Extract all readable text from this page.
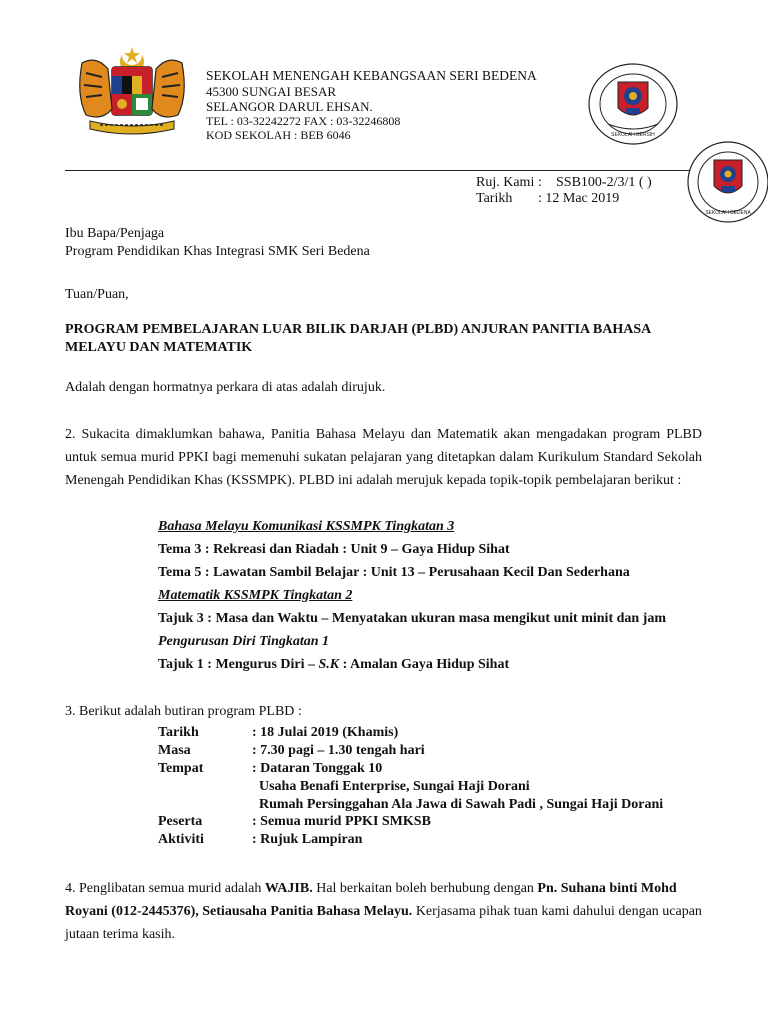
SEKOLAH MENENGAH KEBANGSAAN SERI BEDENA
45300 SUNGAI BESAR
SELANGOR DARUL EHSAN.
TEL : 03-32242272 FAX : 03-32246808
KOD SEKOLAH : BEB 6046	SEKOLAH BERSIH
SEKOLAH BEDENA
Ruj. Kami : SSB100-2/3/1 ( )
Tarikh : 12 Mac 2019
Ibu Bapa/Penjaga
Program Pendidikan Khas Integrasi SMK Seri Bedena
Tuan/Puan,
PROGRAM PEMBELAJARAN LUAR BILIK DARJAH (PLBD) ANJURAN PANITIA BAHASA
MELAYU DAN MATEMATIK
Adalah dengan hormatnya perkara di atas adalah dirujuk.
2. Sukacita dimaklumkan bahawa, Panitia Bahasa Melayu dan Matematik akan mengadakan program PLBD untuk semua murid PPKI bagi memenuhi sukatan pelajaran yang ditetapkan dalam Kurikulum Standard Sekolah Menengah Pendidikan Khas (KSSMPK). PLBD ini adalah merujuk kepada topik-topik pembelajaran berikut :
Bahasa Melayu Komunikasi KSSMPK Tingkatan 3
Tema 3 : Rekreasi dan Riadah : Unit 9 – Gaya Hidup Sihat
Tema 5 : Lawatan Sambil Belajar : Unit 13 – Perusahaan Kecil Dan Sederhana
Matematik KSSMPK Tingkatan 2
Tajuk 3 : Masa dan Waktu – Menyatakan ukuran masa mengikut unit minit dan jam
Pengurusan Diri Tingkatan 1
Tajuk 1 : Mengurus Diri – S.K : Amalan Gaya Hidup Sihat
3. Berikut adalah butiran program PLBD :
Tarikh	: 18 Julai 2019 (Khamis)
Masa	: 7.30 pagi – 1.30 tengah hari
Tempat	: Dataran Tonggak 10
Usaha Benafi Enterprise, Sungai Haji Dorani
Rumah Persinggahan Ala Jawa di Sawah Padi , Sungai Haji Dorani
Peserta	: Semua murid PPKI SMKSB
Aktiviti	: Rujuk Lampiran
4. Penglibatan semua murid adalah WAJIB. Hal berkaitan boleh berhubung dengan Pn. Suhana binti Mohd Royani (012-2445376), Setiausaha Panitia Bahasa Melayu. Kerjasama pihak tuan kami dahului dengan ucapan jutaan terima kasih.
